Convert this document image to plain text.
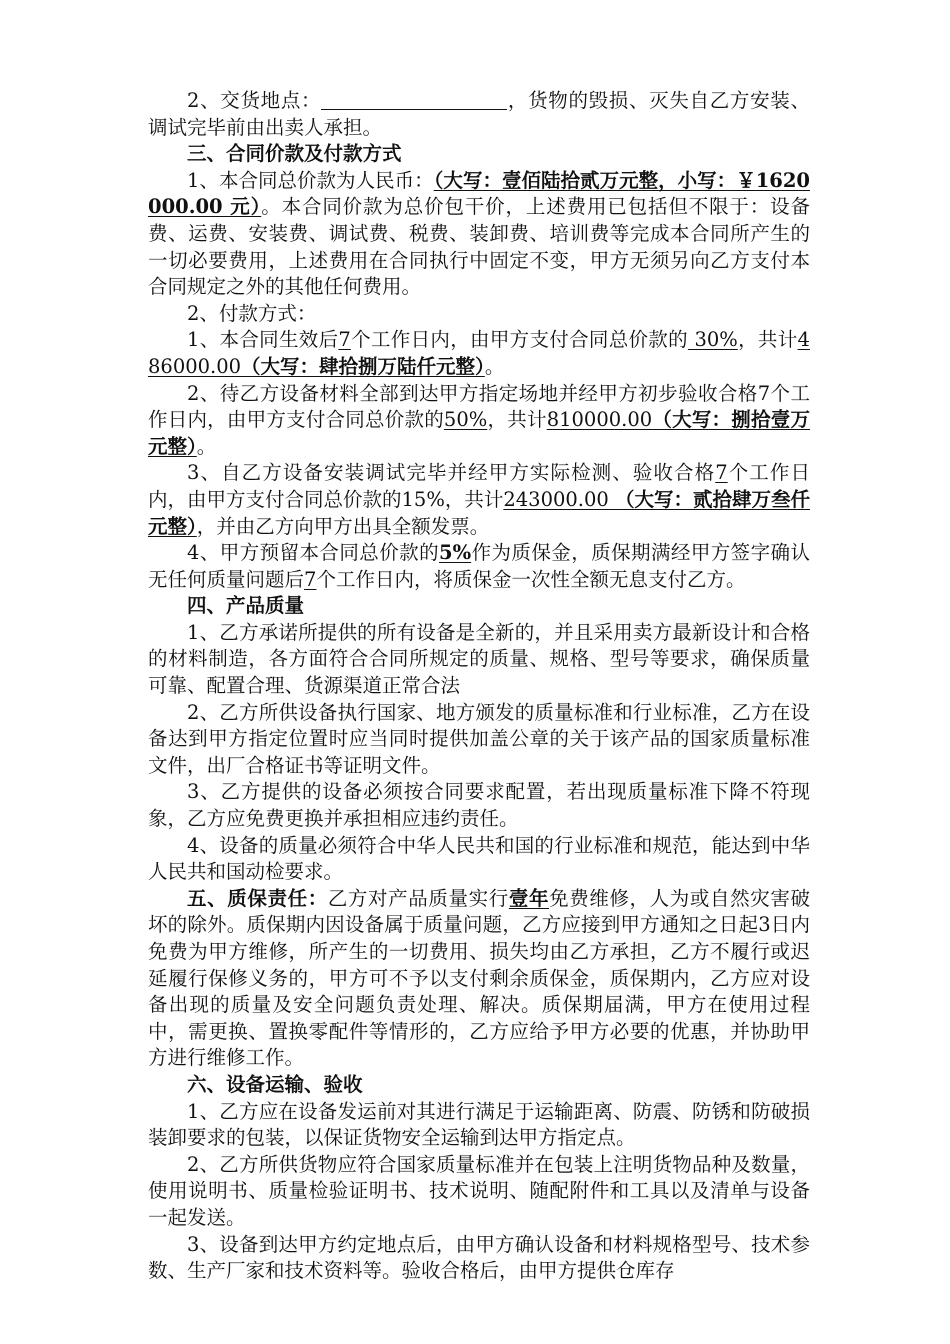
2、交货地点：	，货物的毁损、灭失自乙方安装、调试完毕前由出卖人承担。

三、合同价款及付款方式

1、本合同总价款为人民币：（大写：壹佰陆拾贰万元整，小写：￥1620000.00 元）。本合同价款为总价包干价，上述费用已包括但不限于：设备费、运费、安装费、调试费、税费、装卸费、培训费等完成本合同所产生的一切必要费用，上述费用在合同执行中固定不变，甲方无须另向乙方支付本合同规定之外的其他任何费用。

2、付款方式：

1、本合同生效后7个工作日内，由甲方支付合同总价款的 30%，共计486000.00（大写：肆拾捌万陆仟元整）。

2、待乙方设备材料全部到达甲方指定场地并经甲方初步验收合格7个工作日内，由甲方支付合同总价款的50%，共计810000.00（大写：捌拾壹万元整）。

3、自乙方设备安装调试完毕并经甲方实际检测、验收合格7个工作日内，由甲方支付合同总价款的15%，共计243000.00 （大写：贰拾肆万叁仟元整），并由乙方向甲方出具全额发票。

4、甲方预留本合同总价款的5%作为质保金，质保期满经甲方签字确认无任何质量问题后7个工作日内，将质保金一次性全额无息支付乙方。

四、产品质量

1、乙方承诺所提供的所有设备是全新的，并且采用卖方最新设计和合格的材料制造，各方面符合合同所规定的质量、规格、型号等要求，确保质量可靠、配置合理、货源渠道正常合法

2、乙方所供设备执行国家、地方颁发的质量标准和行业标准，乙方在设备达到甲方指定位置时应当同时提供加盖公章的关于该产品的国家质量标准文件，出厂合格证书等证明文件。

3、乙方提供的设备必须按合同要求配置，若出现质量标准下降不符现象，乙方应免费更换并承担相应违约责任。

4、设备的质量必须符合中华人民共和国的行业标准和规范，能达到中华人民共和国动检要求。

五、质保责任：乙方对产品质量实行壹年免费维修，人为或自然灾害破坏的除外。质保期内因设备属于质量问题，乙方应接到甲方通知之日起3日内免费为甲方维修，所产生的一切费用、损失均由乙方承担，乙方不履行或迟延履行保修义务的，甲方可不予以支付剩余质保金，质保期内，乙方应对设备出现的质量及安全问题负责处理、解决。质保期届满，甲方在使用过程中，需更换、置换零配件等情形的，乙方应给予甲方必要的优惠，并协助甲方进行维修工作。

六、设备运输、验收

1、乙方应在设备发运前对其进行满足于运输距离、防震、防锈和防破损装卸要求的包装，以保证货物安全运输到达甲方指定点。

2、乙方所供货物应符合国家质量标准并在包装上注明货物品种及数量，使用说明书、质量检验证明书、技术说明、随配附件和工具以及清单与设备一起发送。

3、设备到达甲方约定地点后，由甲方确认设备和材料规格型号、技术参数、生产厂家和技术资料等。验收合格后，由甲方提供仓库存
